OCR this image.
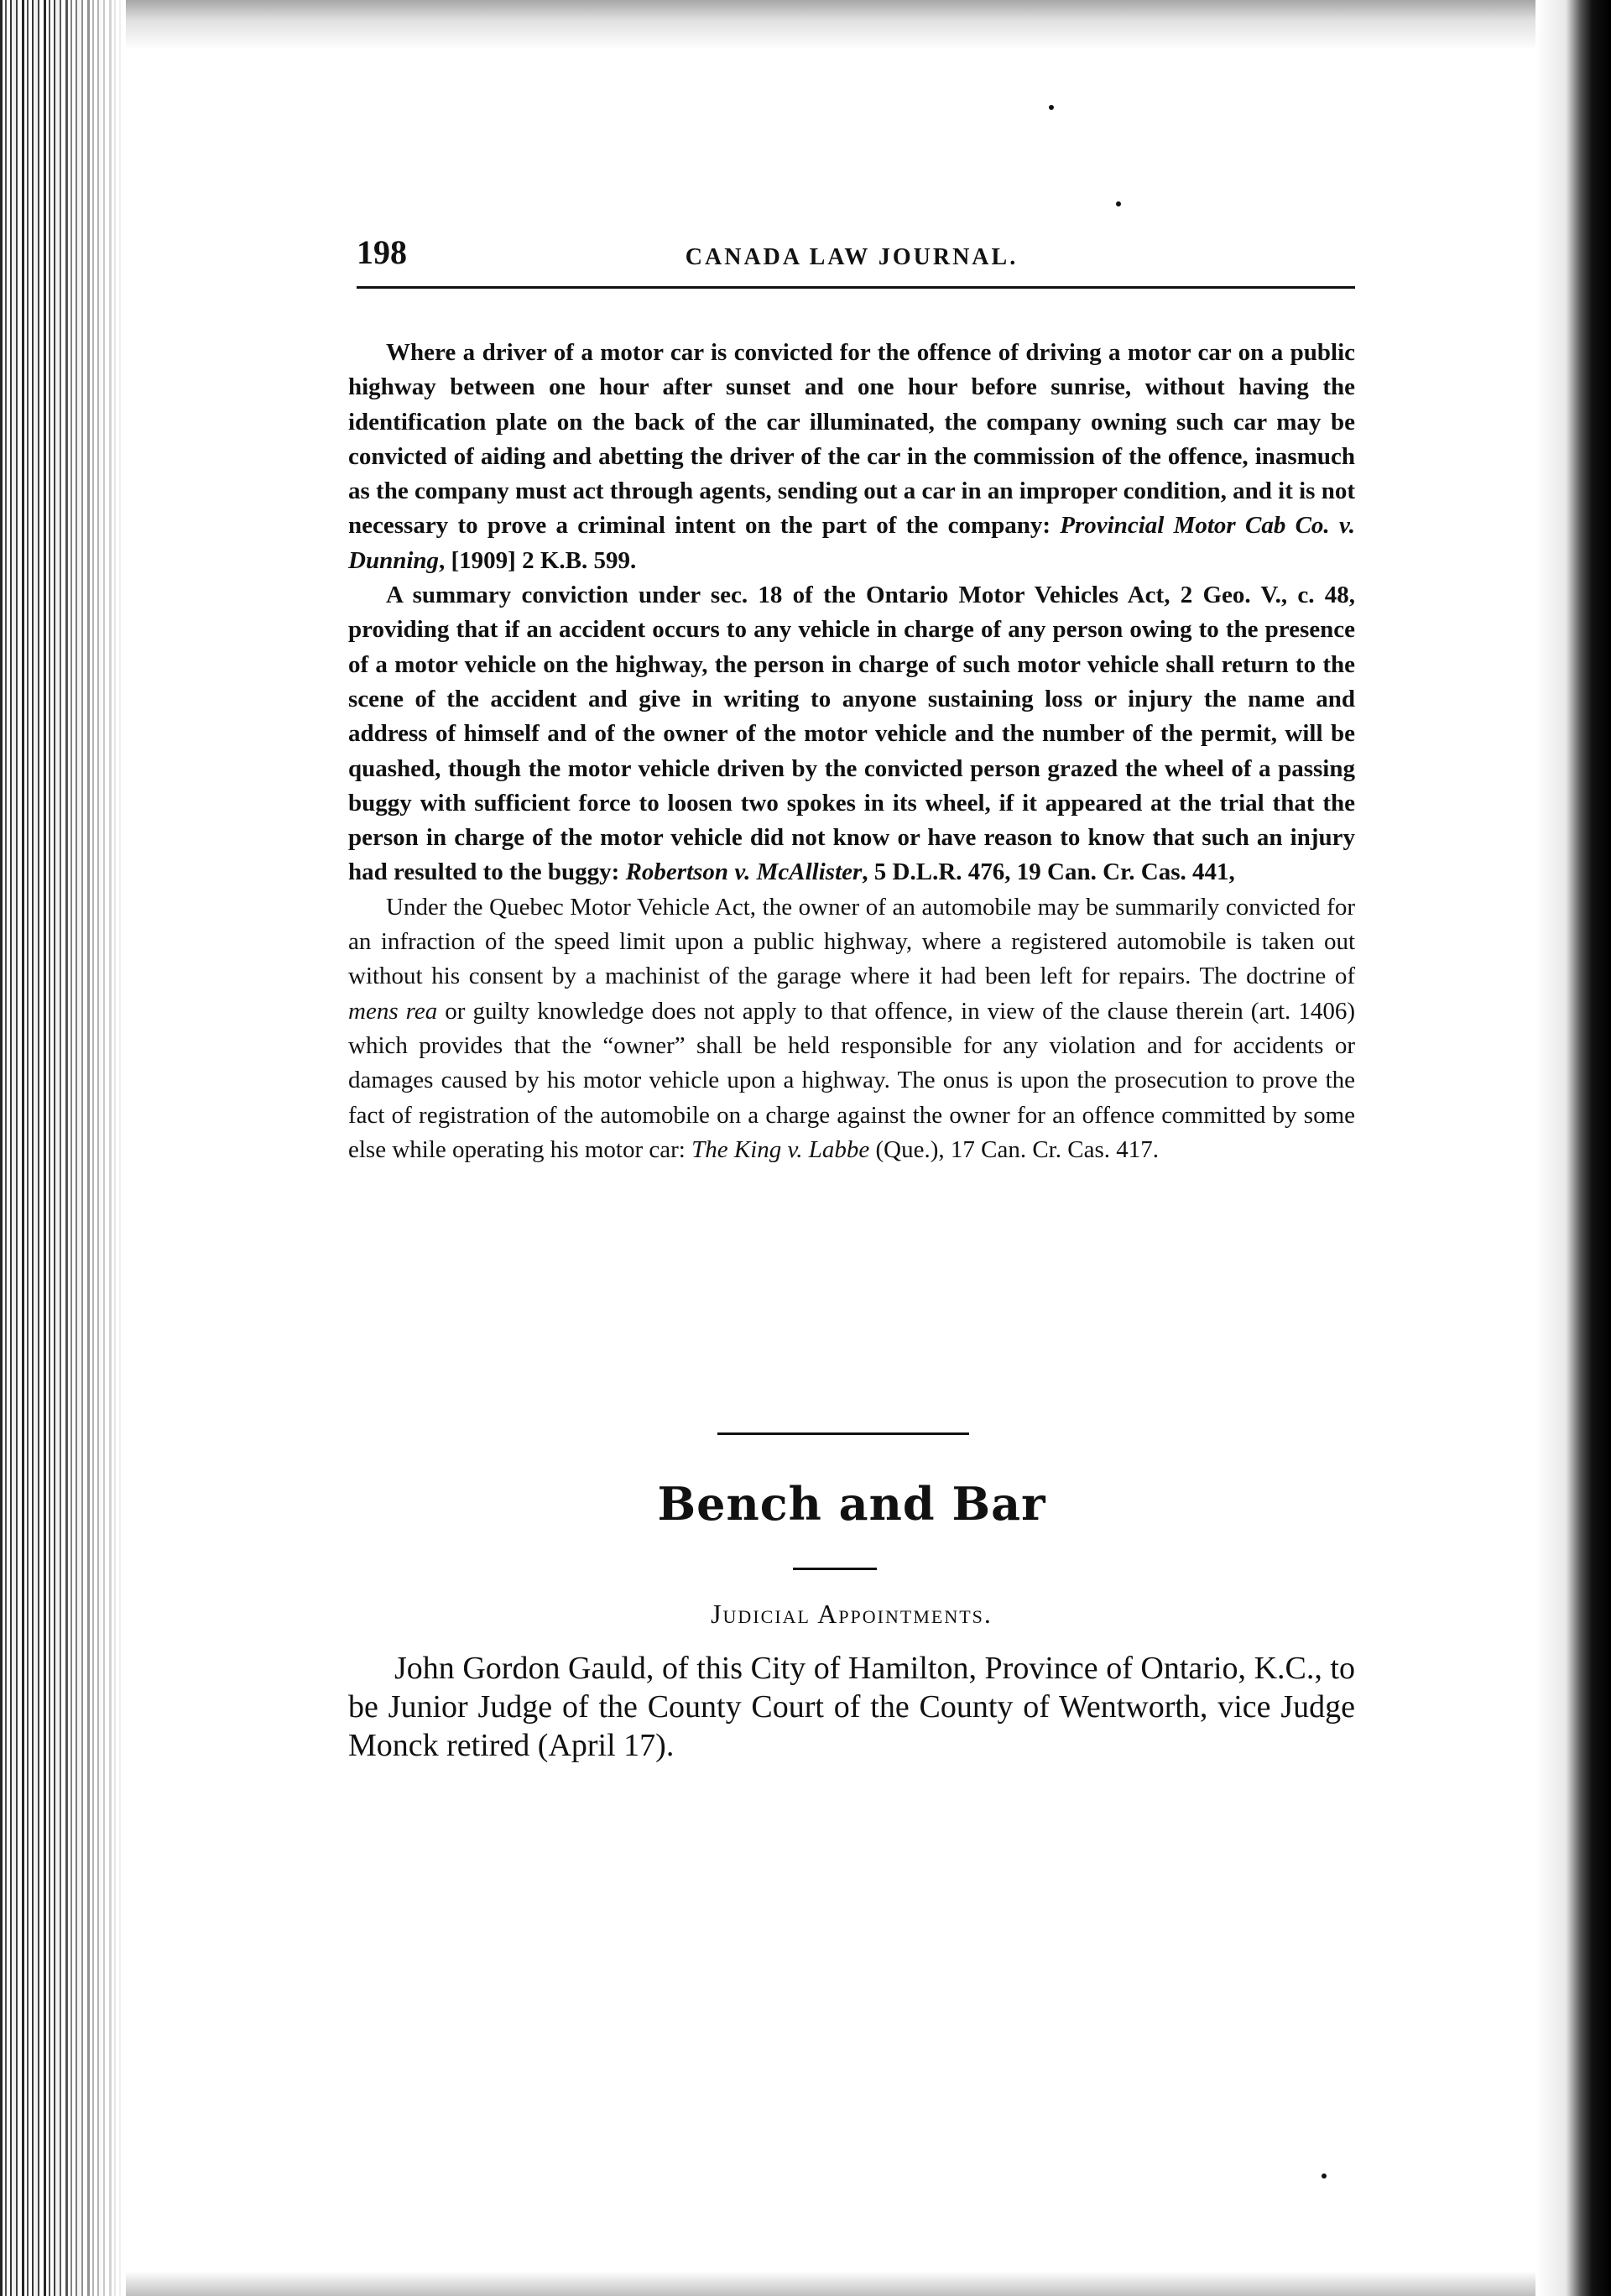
198	CANADA LAW JOURNAL.

Where a driver of a motor car is convicted for the offence of driving a motor car on a public highway between one hour after sunset and one hour before sunrise, without having the identification plate on the back of the car illuminated, the company owning such car may be convicted of aiding and abetting the driver of the car in the commission of the offence, inasmuch as the company must act through agents, sending out a car in an improper condition, and it is not necessary to prove a criminal intent on the part of the company: Provincial Motor Cab Co. v. Dunning, [1909] 2 K.B. 599.

A summary conviction under sec. 18 of the Ontario Motor Vehicles Act, 2 Geo. V., c. 48, providing that if an accident occurs to any vehicle in charge of any person owing to the presence of a motor vehicle on the highway, the person in charge of such motor vehicle shall return to the scene of the accident and give in writing to anyone sustaining loss or injury the name and address of himself and of the owner of the motor vehicle and the number of the permit, will be quashed, though the motor vehicle driven by the convicted person grazed the wheel of a passing buggy with sufficient force to loosen two spokes in its wheel, if it appeared at the trial that the person in charge of the motor vehicle did not know or have reason to know that such an injury had resulted to the buggy: Robertson v. McAllister, 5 D.L.R. 476, 19 Can. Cr. Cas. 441,

Under the Quebec Motor Vehicle Act, the owner of an automobile may be summarily convicted for an infraction of the speed limit upon a public highway, where a registered automobile is taken out without his consent by a machinist of the garage where it had been left for repairs. The doctrine of mens rea or guilty knowledge does not apply to that offence, in view of the clause therein (art. 1406) which provides that the “owner” shall be held responsible for any violation and for accidents or damages caused by his motor vehicle upon a highway. The onus is upon the prosecution to prove the fact of registration of the automobile on a charge against the owner for an offence committed by some else while operating his motor car: The King v. Labbe (Que.), 17 Can. Cr. Cas. 417.

Bench and Bar
Judicial Appointments.

John Gordon Gauld, of this City of Hamilton, Province of Ontario, K.C., to be Junior Judge of the County Court of the County of Wentworth, vice Judge Monck retired (April 17).
